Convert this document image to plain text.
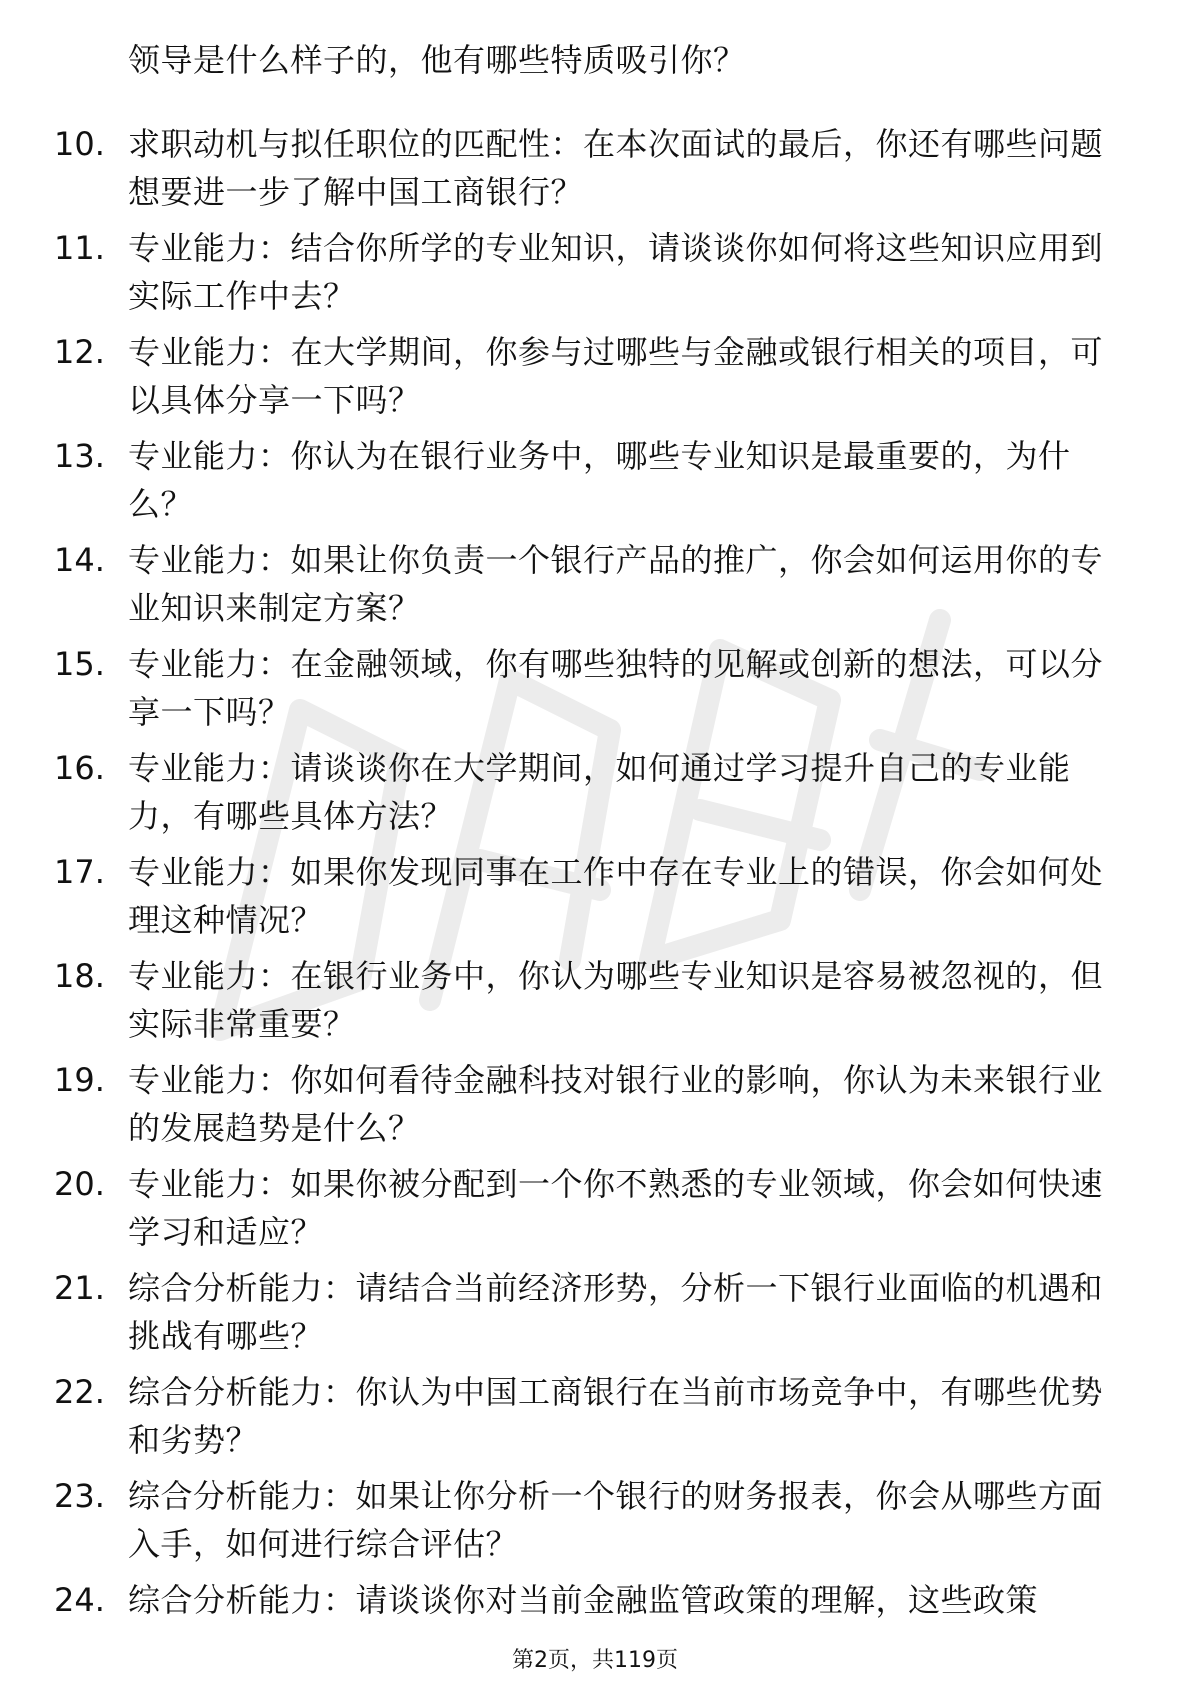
领导是什么样子的，他有哪些特质吸引你？
10. 求职动机与拟任职位的匹配性：在本次面试的最后，你还有哪些问题想要进一步了解中国工商银行？
11. 专业能力：结合你所学的专业知识，请谈谈你如何将这些知识应用到实际工作中去？
12. 专业能力：在大学期间，你参与过哪些与金融或银行相关的项目，可以具体分享一下吗？
13. 专业能力：你认为在银行业务中，哪些专业知识是最重要的，为什么？
14. 专业能力：如果让你负责一个银行产品的推广，你会如何运用你的专业知识来制定方案？
15. 专业能力：在金融领域，你有哪些独特的见解或创新的想法，可以分享一下吗？
16. 专业能力：请谈谈你在大学期间，如何通过学习提升自己的专业能力，有哪些具体方法？
17. 专业能力：如果你发现同事在工作中存在专业上的错误，你会如何处理这种情况？
18. 专业能力：在银行业务中，你认为哪些专业知识是容易被忽视的，但实际非常重要？
19. 专业能力：你如何看待金融科技对银行业的影响，你认为未来银行业的发展趋势是什么？
20. 专业能力：如果你被分配到一个你不熟悉的专业领域，你会如何快速学习和适应？
21. 综合分析能力：请结合当前经济形势，分析一下银行业面临的机遇和挑战有哪些？
22. 综合分析能力：你认为中国工商银行在当前市场竞争中，有哪些优势和劣势？
23. 综合分析能力：如果让你分析一个银行的财务报表，你会从哪些方面入手，如何进行综合评估？
24. 综合分析能力：请谈谈你对当前金融监管政策的理解，这些政策
第2页，共119页
